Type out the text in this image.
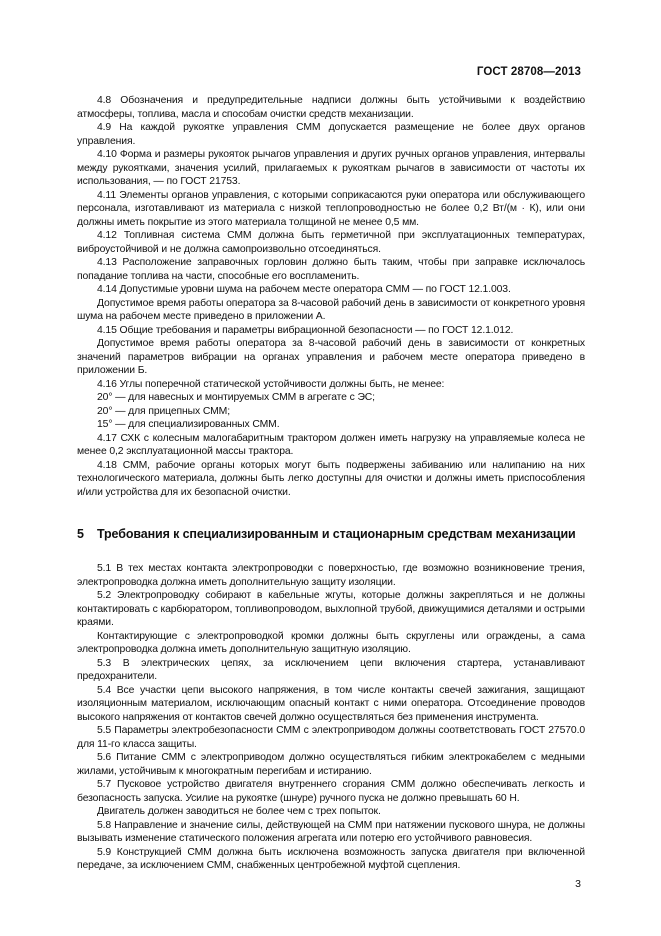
ГОСТ 28708—2013

4.8 Обозначения и предупредительные надписи должны быть устойчивыми к воздействию атмосферы, топлива, масла и способам очистки средств механизации.

4.9 На каждой рукоятке управления СММ допускается размещение не более двух органов управления.

4.10 Форма и размеры рукояток рычагов управления и других ручных органов управления, интервалы между рукоятками, значения усилий, прилагаемых к рукояткам рычагов в зависимости от частоты их использования, — по ГОСТ 21753.

4.11 Элементы органов управления, с которыми соприкасаются руки оператора или обслуживающего персонала, изготавливают из материала с низкой теплопроводностью не более 0,2 Вт/(м · К), или они должны иметь покрытие из этого материала толщиной не менее 0,5 мм.

4.12 Топливная система СММ должна быть герметичной при эксплуатационных температурах, виброустойчивой и не должна самопроизвольно отсоединяться.

4.13 Расположение заправочных горловин должно быть таким, чтобы при заправке исключалось попадание топлива на части, способные его воспламенить.

4.14 Допустимые уровни шума на рабочем месте оператора СММ — по ГОСТ 12.1.003.

Допустимое время работы оператора за 8-часовой рабочий день в зависимости от конкретного уровня шума на рабочем месте приведено в приложении А.

4.15 Общие требования и параметры вибрационной безопасности — по ГОСТ 12.1.012.

Допустимое время работы оператора за 8-часовой рабочий день в зависимости от конкретных значений параметров вибрации на органах управления и рабочем месте оператора приведено в приложении Б.

4.16 Углы поперечной статической устойчивости должны быть, не менее:

20° — для навесных и монтируемых СММ в агрегате с ЭС;

20° — для прицепных СММ;

15° — для специализированных СММ.

4.17 СХК с колесным малогабаритным трактором должен иметь нагрузку на управляемые колеса не менее 0,2 эксплуатационной массы трактора.

4.18 СММ, рабочие органы которых могут быть подвержены забиванию или налипанию на них технологического материала, должны быть легко доступны для очистки и должны иметь приспособления и/или устройства для их безопасной очистки.

5	Требования к специализированным и стационарным средствам механизации

5.1 В тех местах контакта электропроводки с поверхностью, где возможно возникновение трения, электропроводка должна иметь дополнительную защиту изоляции.

5.2 Электропроводку собирают в кабельные жгуты, которые должны закрепляться и не должны контактировать с карбюратором, топливопроводом, выхлопной трубой, движущимися деталями и острыми краями.

Контактирующие с электропроводкой кромки должны быть скруглены или ограждены, а сама электропроводка должна иметь дополнительную защитную изоляцию.

5.3 В электрических цепях, за исключением цепи включения стартера, устанавливают предохранители.

5.4 Все участки цепи высокого напряжения, в том числе контакты свечей зажигания, защищают изоляционным материалом, исключающим опасный контакт с ними оператора. Отсоединение проводов высокого напряжения от контактов свечей должно осуществляться без применения инструмента.

5.5 Параметры электробезопасности СММ с электроприводом должны соответствовать ГОСТ 27570.0 для 11-го класса защиты.

5.6 Питание СММ с электроприводом должно осуществляться гибким электрокабелем с медными жилами, устойчивым к многократным перегибам и истиранию.

5.7 Пусковое устройство двигателя внутреннего сгорания СММ должно обеспечивать легкость и безопасность запуска. Усилие на рукоятке (шнуре) ручного пуска не должно превышать 60 Н.

Двигатель должен заводиться не более чем с трех попыток.

5.8 Направление и значение силы, действующей на СММ при натяжении пускового шнура, не должны вызывать изменение статического положения агрегата или потерю его устойчивого равновесия.

5.9 Конструкцией СММ должна быть исключена возможность запуска двигателя при включенной передаче, за исключением СММ, снабженных центробежной муфтой сцепления.

3
